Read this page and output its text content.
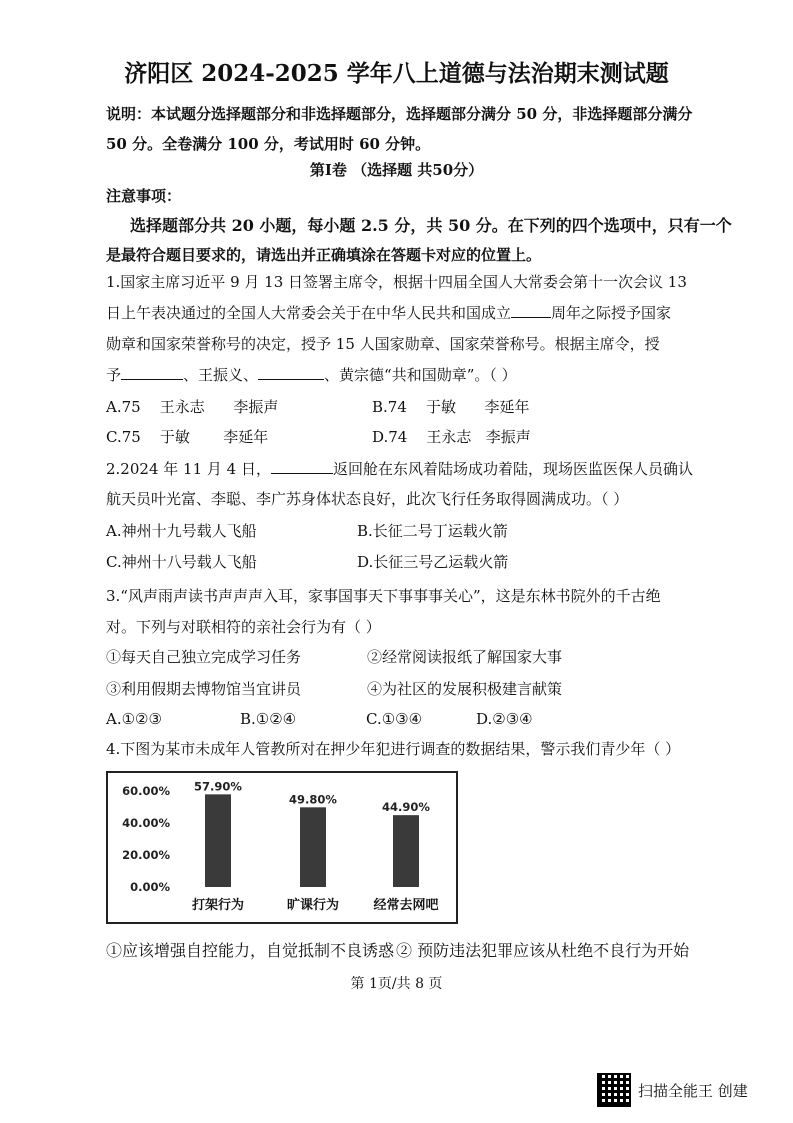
济阳区 2024-2025 学年八上道德与法治期末测试题
说明：本试题分选择题部分和非选择题部分，选择题部分满分 50 分，非选择题部分满分
50 分。全卷满分 100 分，考试用时 60 分钟。
第Ⅰ卷 （选择题 共50分）
注意事项：
选择题部分共 20 小题，每小题 2.5 分，共 50 分。在下列的四个选项中，只有一个
是最符合题目要求的，请选出并正确填涂在答题卡对应的位置上。
1.国家主席习近平 9 月 13 日签署主席令，根据十四届全国人大常委会第十一次会议 13
日上午表决通过的全国人大常委会关于在中华人民共和国成立	周年之际授予国家
勋章和国家荣誉称号的决定，授予 15 人国家勋章、国家荣誉称号。根据主席令，授
予	、王振义、	、黄宗德“共和国勋章”。（ ）
A.75    王永志      李振声	B.74    于敏      李延年
C.75    于敏       李延年	D.74    王永志   李振声
2.2024 年 11 月 4 日，	返回舱在东风着陆场成功着陆，现场医监医保人员确认
航天员叶光富、李聪、李广苏身体状态良好，此次飞行任务取得圆满成功。（ ）
A.神州十九号载人飞船	B.长征二号丁运载火箭
C.神州十八号载人飞船	D.长征三号乙运载火箭
3.“风声雨声读书声声声入耳，家事国事天下事事事关心”，这是东林书院外的千古绝
对。下列与对联相符的亲社会行为有（ ）
①每天自己独立完成学习任务	②经常阅读报纸了解国家大事
③利用假期去博物馆当宜讲员	④为社区的发展积极建言献策
A.①②③	B.①②④	C.①③④	D.②③④
4.下图为某市未成年人管教所对在押少年犯进行调查的数据结果，警示我们青少年（ ）
60.00%
40.00%
20.00%
0.00%
57.90%
打架行为
49.80%
旷课行为
44.90%
经常去网吧
①应该增强自控能力，自觉抵制不良诱惑 ② 预防违法犯罪应该从杜绝不良行为开始
第 1页/共 8 页
扫描全能王 创建
